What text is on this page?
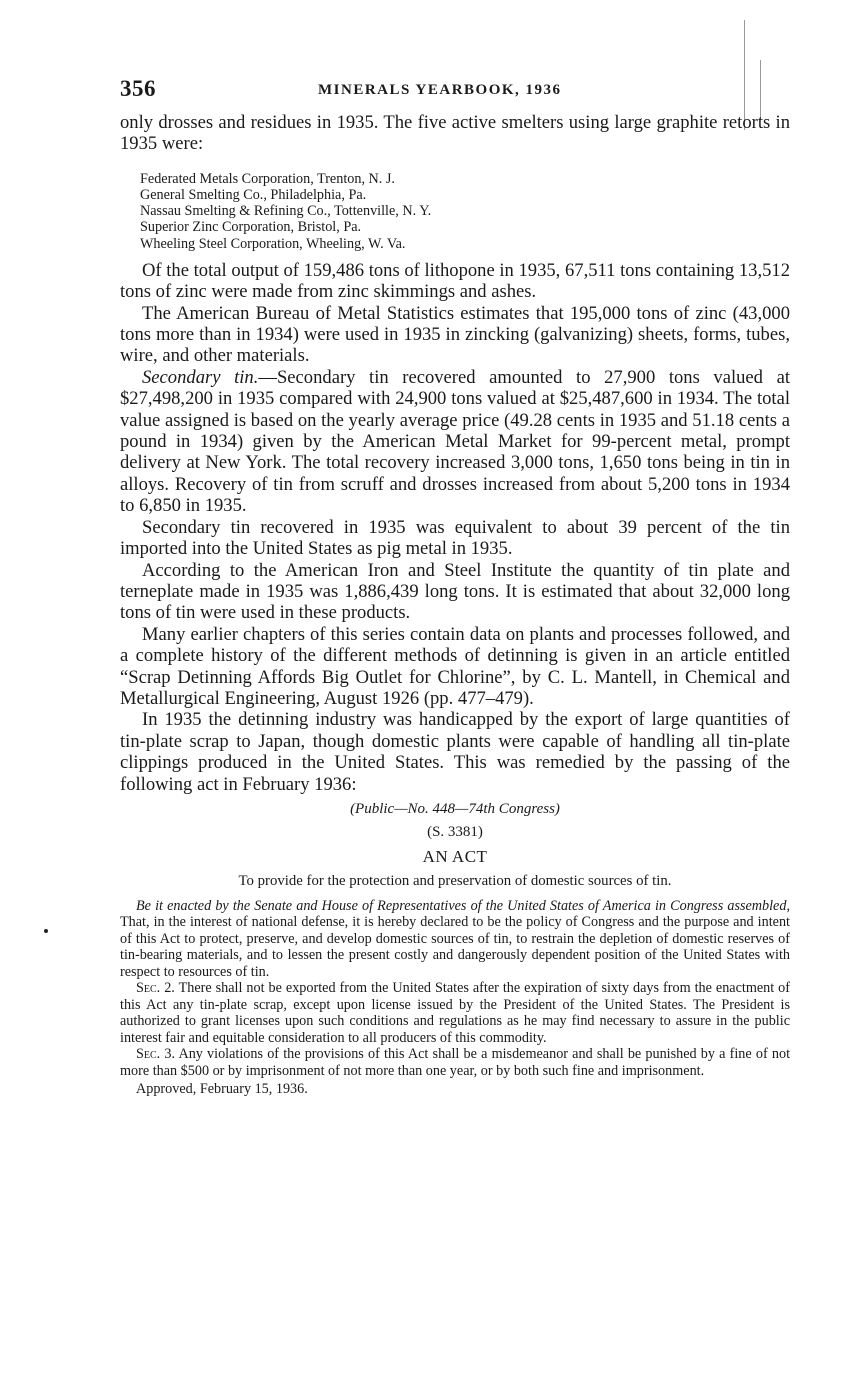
356	MINERALS YEARBOOK, 1936

only drosses and residues in 1935. The five active smelters using large graphite retorts in 1935 were:

Federated Metals Corporation, Trenton, N. J.
General Smelting Co., Philadelphia, Pa.
Nassau Smelting & Refining Co., Tottenville, N. Y.
Superior Zinc Corporation, Bristol, Pa.
Wheeling Steel Corporation, Wheeling, W. Va.

Of the total output of 159,486 tons of lithopone in 1935, 67,511 tons containing 13,512 tons of zinc were made from zinc skimmings and ashes.

The American Bureau of Metal Statistics estimates that 195,000 tons of zinc (43,000 tons more than in 1934) were used in 1935 in zincking (galvanizing) sheets, forms, tubes, wire, and other materials.

Secondary tin.—Secondary tin recovered amounted to 27,900 tons valued at $27,498,200 in 1935 compared with 24,900 tons valued at $25,487,600 in 1934. The total value assigned is based on the yearly average price (49.28 cents in 1935 and 51.18 cents a pound in 1934) given by the American Metal Market for 99-percent metal, prompt delivery at New York. The total recovery increased 3,000 tons, 1,650 tons being in tin in alloys. Recovery of tin from scruff and drosses increased from about 5,200 tons in 1934 to 6,850 in 1935.

Secondary tin recovered in 1935 was equivalent to about 39 percent of the tin imported into the United States as pig metal in 1935.

According to the American Iron and Steel Institute the quantity of tin plate and terneplate made in 1935 was 1,886,439 long tons. It is estimated that about 32,000 long tons of tin were used in these products.

Many earlier chapters of this series contain data on plants and processes followed, and a complete history of the different methods of detinning is given in an article entitled “Scrap Detinning Affords Big Outlet for Chlorine”, by C. L. Mantell, in Chemical and Metallurgical Engineering, August 1926 (pp. 477–479).

In 1935 the detinning industry was handicapped by the export of large quantities of tin-plate scrap to Japan, though domestic plants were capable of handling all tin-plate clippings produced in the United States. This was remedied by the passing of the following act in February 1936:

(Public—No. 448—74th Congress)
(S. 3381)
AN ACT
To provide for the protection and preservation of domestic sources of tin.

Be it enacted by the Senate and House of Representatives of the United States of America in Congress assembled, That, in the interest of national defense, it is hereby declared to be the policy of Congress and the purpose and intent of this Act to protect, preserve, and develop domestic sources of tin, to restrain the depletion of domestic reserves of tin-bearing materials, and to lessen the present costly and dangerously dependent position of the United States with respect to resources of tin.

Sec. 2. There shall not be exported from the United States after the expiration of sixty days from the enactment of this Act any tin-plate scrap, except upon license issued by the President of the United States. The President is authorized to grant licenses upon such conditions and regulations as he may find necessary to assure in the public interest fair and equitable consideration to all producers of this commodity.

Sec. 3. Any violations of the provisions of this Act shall be a misdemeanor and shall be punished by a fine of not more than $500 or by imprisonment of not more than one year, or by both such fine and imprisonment.

Approved, February 15, 1936.
